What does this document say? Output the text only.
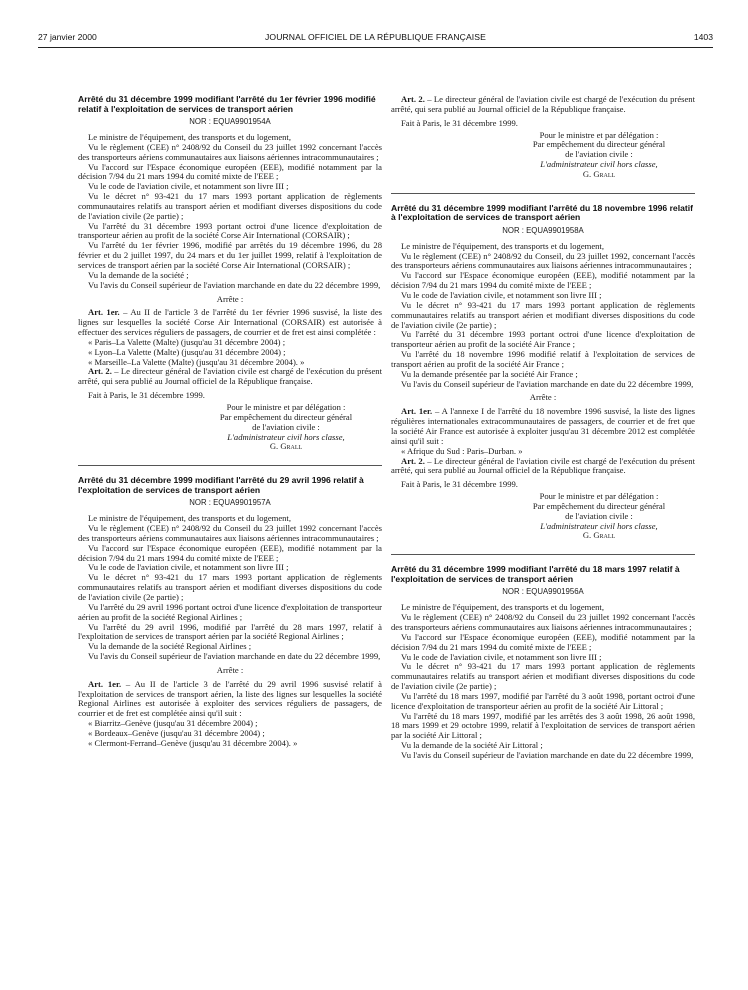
27 janvier 2000	JOURNAL OFFICIEL DE LA RÉPUBLIQUE FRANÇAISE	1403
Arrêté du 31 décembre 1999 modifiant l'arrêté du 1er février 1996 modifié relatif à l'exploitation de services de transport aérien
NOR : EQUA9901954A
Le ministre de l'équipement, des transports et du logement,
Vu le règlement (CEE) n° 2408/92 du Conseil du 23 juillet 1992 concernant l'accès des transporteurs aériens communautaires aux liaisons aériennes intracommunautaires ;
Vu l'accord sur l'Espace économique européen (EEE), modifié notamment par la décision 7/94 du 21 mars 1994 du comité mixte de l'EEE ;
Vu le code de l'aviation civile, et notamment son livre III ;
Vu le décret n° 93-421 du 17 mars 1993 portant application de règlements communautaires relatifs au transport aérien et modifiant diverses dispositions du code de l'aviation civile (2e partie) ;
Vu l'arrêté du 31 décembre 1993 portant octroi d'une licence d'exploitation de transporteur aérien au profit de la société Corse Air International (CORSAIR) ;
Vu l'arrêté du 1er février 1996, modifié par arrêtés du 19 décembre 1996, du 28 février et du 2 juillet 1997, du 24 mars et du 1er juillet 1999, relatif à l'exploitation de services de transport aérien par la société Corse Air International (CORSAIR) ;
Vu la demande de la société ;
Vu l'avis du Conseil supérieur de l'aviation marchande en date du 22 décembre 1999,
Arrête :
Art. 1er. – Au II de l'article 3 de l'arrêté du 1er février 1996 susvisé, la liste des lignes sur lesquelles la société Corse Air International (CORSAIR) est autorisée à effectuer des services réguliers de passagers, de courrier et de fret est ainsi complétée :
« Paris–La Valette (Malte) (jusqu'au 31 décembre 2004) ;
« Lyon–La Valette (Malte) (jusqu'au 31 décembre 2004) ;
« Marseille–La Valette (Malte) (jusqu'au 31 décembre 2004). »
Art. 2. – Le directeur général de l'aviation civile est chargé de l'exécution du présent arrêté, qui sera publié au Journal officiel de la République française.
Fait à Paris, le 31 décembre 1999.
Pour le ministre et par délégation :
Par empêchement du directeur général
de l'aviation civile :
L'administrateur civil hors classe,
G. Grall
Arrêté du 31 décembre 1999 modifiant l'arrêté du 29 avril 1996 relatif à l'exploitation de services de transport aérien
NOR : EQUA9901957A
Le ministre de l'équipement, des transports et du logement,
Vu le règlement (CEE) n° 2408/92 du Conseil du 23 juillet 1992 concernant l'accès des transporteurs aériens communautaires aux liaisons aériennes intracommunautaires ;
Vu l'accord sur l'Espace économique européen (EEE), modifié notamment par la décision 7/94 du 21 mars 1994 du comité mixte de l'EEE ;
Vu le code de l'aviation civile, et notamment son livre III ;
Vu le décret n° 93-421 du 17 mars 1993 portant application de règlements communautaires relatifs au transport aérien et modifiant diverses dispositions du code de l'aviation civile (2e partie) ;
Vu l'arrêté du 29 avril 1996 portant octroi d'une licence d'exploitation de transporteur aérien au profit de la société Regional Airlines ;
Vu l'arrêté du 29 avril 1996, modifié par l'arrêté du 28 mars 1997, relatif à l'exploitation de services de transport aérien par la société Regional Airlines ;
Vu la demande de la société Regional Airlines ;
Vu l'avis du Conseil supérieur de l'aviation marchande en date du 22 décembre 1999,
Arrête :
Art. 1er. – Au II de l'article 3 de l'arrêté du 29 avril 1996 susvisé relatif à l'exploitation de services de transport aérien, la liste des lignes sur lesquelles la société Regional Airlines est autorisée à exploiter des services réguliers de passagers, de courrier et de fret est complétée ainsi qu'il suit :
« Biarritz–Genève (jusqu'au 31 décembre 2004) ;
« Bordeaux–Genève (jusqu'au 31 décembre 2004) ;
« Clermont-Ferrand–Genève (jusqu'au 31 décembre 2004). »
Art. 2. – Le directeur général de l'aviation civile est chargé de l'exécution du présent arrêté, qui sera publié au Journal officiel de la République française.
Fait à Paris, le 31 décembre 1999.
Pour le ministre et par délégation :
Par empêchement du directeur général
de l'aviation civile :
L'administrateur civil hors classe,
G. Grall
Arrêté du 31 décembre 1999 modifiant l'arrêté du 18 novembre 1996 relatif à l'exploitation de services de transport aérien
NOR : EQUA9901958A
Le ministre de l'équipement, des transports et du logement,
Vu le règlement (CEE) n° 2408/92 du Conseil, du 23 juillet 1992, concernant l'accès des transporteurs aériens communautaires aux liaisons aériennes intracommunautaires ;
Vu l'accord sur l'Espace économique européen (EEE), modifié notamment par la décision 7/94 du 21 mars 1994 du comité mixte de l'EEE ;
Vu le code de l'aviation civile, et notamment son livre III ;
Vu le décret n° 93-421 du 17 mars 1993 portant application de règlements communautaires relatifs au transport aérien et modifiant diverses dispositions du code de l'aviation civile (2e partie) ;
Vu l'arrêté du 31 décembre 1993 portant octroi d'une licence d'exploitation de transporteur aérien au profit de la société Air France ;
Vu l'arrêté du 18 novembre 1996 modifié relatif à l'exploitation de services de transport aérien au profit de la société Air France ;
Vu la demande présentée par la société Air France ;
Vu l'avis du Conseil supérieur de l'aviation marchande en date du 22 décembre 1999,
Arrête :
Art. 1er. – A l'annexe I de l'arrêté du 18 novembre 1996 susvisé, la liste des lignes régulières internationales extracommunautaires de passagers, de courrier et de fret que la société Air France est autorisée à exploiter jusqu'au 31 décembre 2012 est complétée ainsi qu'il suit :
« Afrique du Sud : Paris–Durban. »
Art. 2. – Le directeur général de l'aviation civile est chargé de l'exécution du présent arrêté, qui sera publié au Journal officiel de la République française.
Fait à Paris, le 31 décembre 1999.
Pour le ministre et par délégation :
Par empêchement du directeur général
de l'aviation civile :
L'administrateur civil hors classe,
G. Grall
Arrêté du 31 décembre 1999 modifiant l'arrêté du 18 mars 1997 relatif à l'exploitation de services de transport aérien
NOR : EQUA9901956A
Le ministre de l'équipement, des transports et du logement,
Vu le règlement (CEE) n° 2408/92 du Conseil du 23 juillet 1992 concernant l'accès des transporteurs aériens communautaires aux liaisons aériennes intracommunautaires ;
Vu l'accord sur l'Espace économique européen (EEE), modifié notamment par la décision 7/94 du 21 mars 1994 du comité mixte de l'EEE ;
Vu le code de l'aviation civile, et notamment son livre III ;
Vu le décret n° 93-421 du 17 mars 1993 portant application de règlements communautaires relatifs au transport aérien et modifiant diverses dispositions du code de l'aviation civile (2e partie) ;
Vu l'arrêté du 18 mars 1997, modifié par l'arrêté du 3 août 1998, portant octroi d'une licence d'exploitation de transporteur aérien au profit de la société Air Littoral ;
Vu l'arrêté du 18 mars 1997, modifié par les arrêtés des 3 août 1998, 26 août 1998, 18 mars 1999 et 29 octobre 1999, relatif à l'exploitation de services de transport aérien par la société Air Littoral ;
Vu la demande de la société Air Littoral ;
Vu l'avis du Conseil supérieur de l'aviation marchande en date du 22 décembre 1999,
